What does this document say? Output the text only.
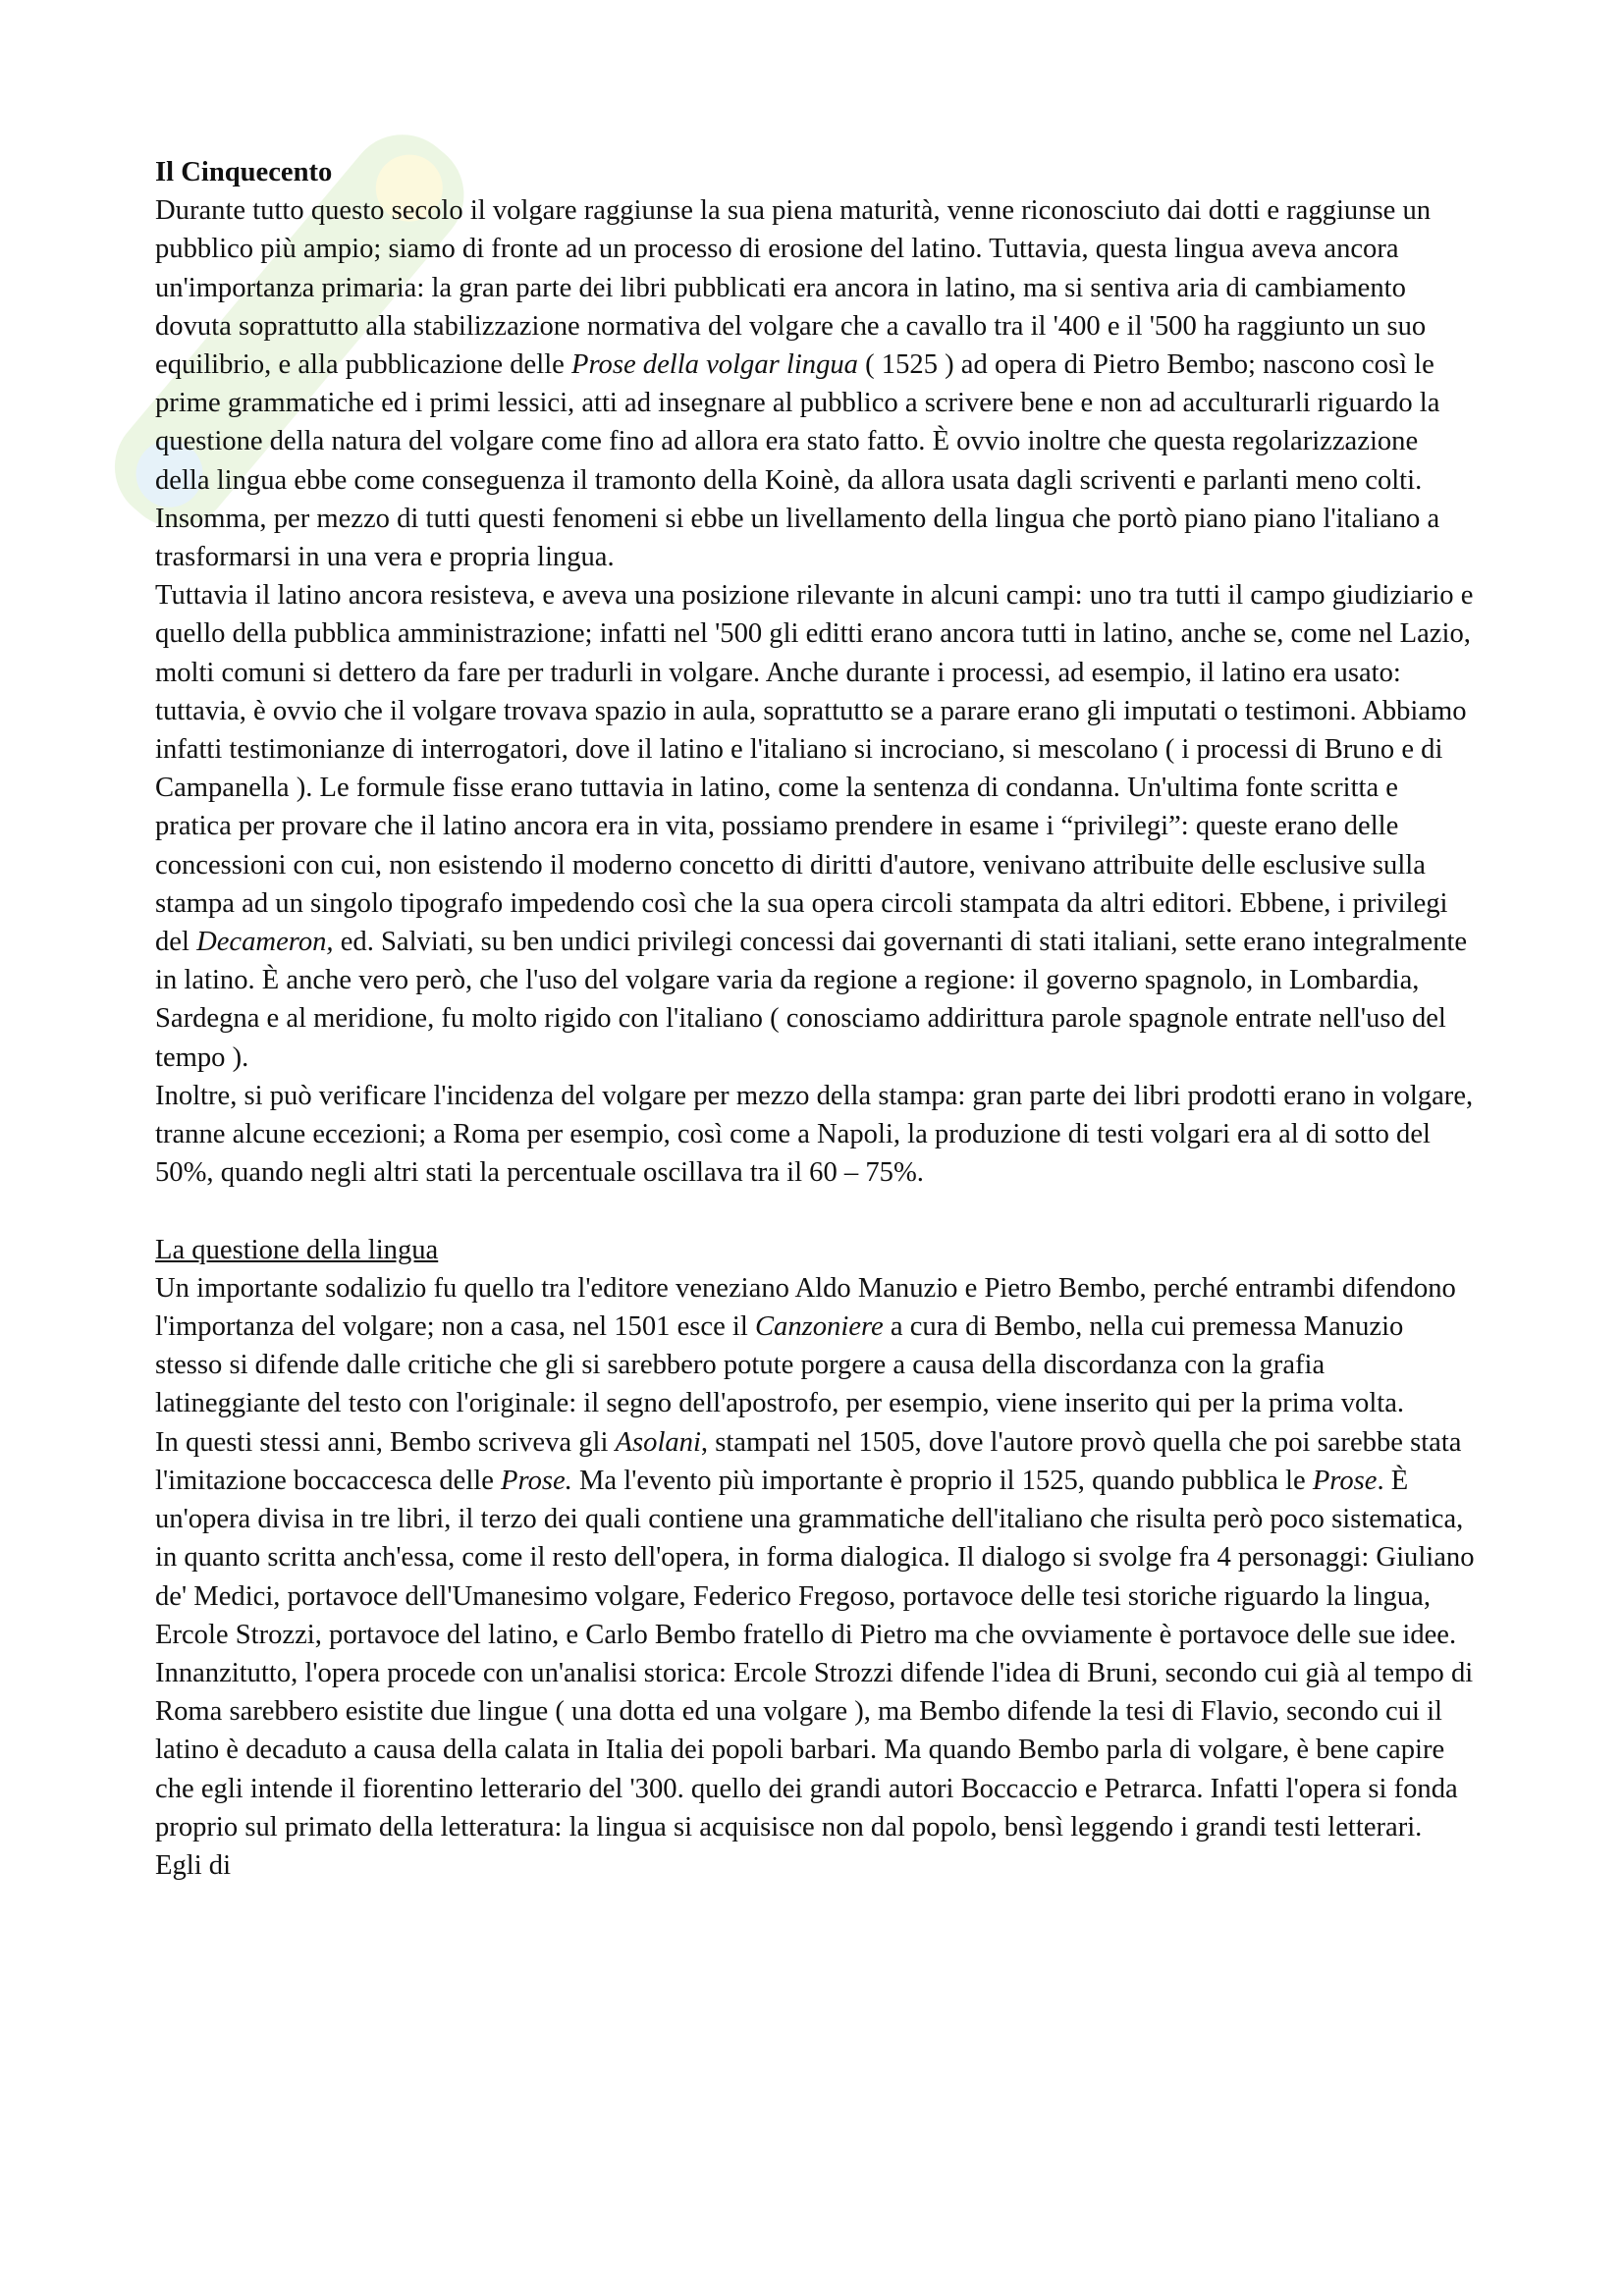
Il Cinquecento

Durante tutto questo secolo il volgare raggiunse la sua piena maturità, venne riconosciuto dai dotti e raggiunse un pubblico più ampio; siamo di fronte ad un processo di erosione del latino. Tuttavia, questa lingua aveva ancora un'importanza primaria: la gran parte dei libri pubblicati era ancora in latino, ma si sentiva aria di cambiamento dovuta soprattutto alla stabilizzazione normativa del volgare che a cavallo tra il '400 e il '500 ha raggiunto un suo equilibrio, e alla pubblicazione delle Prose della volgar lingua ( 1525 ) ad opera di Pietro Bembo; nascono così le prime grammatiche ed i primi lessici, atti ad insegnare al pubblico a scrivere bene e non ad acculturarli riguardo la questione della natura del volgare come fino ad allora era stato fatto. È ovvio inoltre che questa regolarizzazione della lingua ebbe come conseguenza il tramonto della Koinè, da allora usata dagli scriventi e parlanti meno colti. Insomma, per mezzo di tutti questi fenomeni si ebbe un livellamento della lingua che portò piano piano l'italiano a trasformarsi in una vera e propria lingua.

Tuttavia il latino ancora resisteva, e aveva una posizione rilevante in alcuni campi: uno tra tutti il campo giudiziario e quello della pubblica amministrazione; infatti nel '500 gli editti erano ancora tutti in latino, anche se, come nel Lazio, molti comuni si dettero da fare per tradurli in volgare. Anche durante i processi, ad esempio, il latino era usato: tuttavia, è ovvio che il volgare trovava spazio in aula, soprattutto se a parare erano gli imputati o testimoni. Abbiamo infatti testimonianze di interrogatori, dove il latino e l'italiano si incrociano, si mescolano ( i processi di Bruno e di Campanella ). Le formule fisse erano tuttavia in latino, come la sentenza di condanna. Un'ultima fonte scritta e pratica per provare che il latino ancora era in vita, possiamo prendere in esame i “privilegi”: queste erano delle concessioni con cui, non esistendo il moderno concetto di diritti d'autore, venivano attribuite delle esclusive sulla stampa ad un singolo tipografo impedendo così che la sua opera circoli stampata da altri editori. Ebbene, i privilegi del Decameron, ed. Salviati, su ben undici privilegi concessi dai governanti di stati italiani, sette erano integralmente in latino. È anche vero però, che l'uso del volgare varia da regione a regione: il governo spagnolo, in Lombardia, Sardegna e al meridione, fu molto rigido con l'italiano ( conosciamo addirittura parole spagnole entrate nell'uso del tempo ).

Inoltre, si può verificare l'incidenza del volgare per mezzo della stampa: gran parte dei libri prodotti erano in volgare, tranne alcune eccezioni; a Roma per esempio, così come a Napoli, la produzione di testi volgari era al di sotto del 50%, quando negli altri stati la percentuale oscillava tra il 60 – 75%.

La questione della lingua

Un importante sodalizio fu quello tra l'editore veneziano Aldo Manuzio e Pietro Bembo, perché entrambi difendono l'importanza del volgare; non a casa, nel 1501 esce il Canzoniere a cura di Bembo, nella cui premessa Manuzio stesso si difende dalle critiche che gli si sarebbero potute porgere a causa della discordanza con la grafia latineggiante del testo con l'originale: il segno dell'apostrofo, per esempio, viene inserito qui per la prima volta.

In questi stessi anni, Bembo scriveva gli Asolani, stampati nel 1505, dove l'autore provò quella che poi sarebbe stata l'imitazione boccaccesca delle Prose. Ma l'evento più importante è proprio il 1525, quando pubblica le Prose. È un'opera divisa in tre libri, il terzo dei quali contiene una grammatiche dell'italiano che risulta però poco sistematica, in quanto scritta anch'essa, come il resto dell'opera, in forma dialogica. Il dialogo si svolge fra 4 personaggi: Giuliano de' Medici, portavoce dell'Umanesimo volgare, Federico Fregoso, portavoce delle tesi storiche riguardo la lingua, Ercole Strozzi, portavoce del latino, e Carlo Bembo fratello di Pietro ma che ovviamente è portavoce delle sue idee.

Innanzitutto, l'opera procede con un'analisi storica: Ercole Strozzi difende l'idea di Bruni, secondo cui già al tempo di Roma sarebbero esistite due lingue ( una dotta ed una volgare ), ma Bembo difende la tesi di Flavio, secondo cui il latino è decaduto a causa della calata in Italia dei popoli barbari. Ma quando Bembo parla di volgare, è bene capire che egli intende il fiorentino letterario del '300. quello dei grandi autori Boccaccio e Petrarca. Infatti l'opera si fonda proprio sul primato della letteratura: la lingua si acquisisce non dal popolo, bensì leggendo i grandi testi letterari. Egli di
